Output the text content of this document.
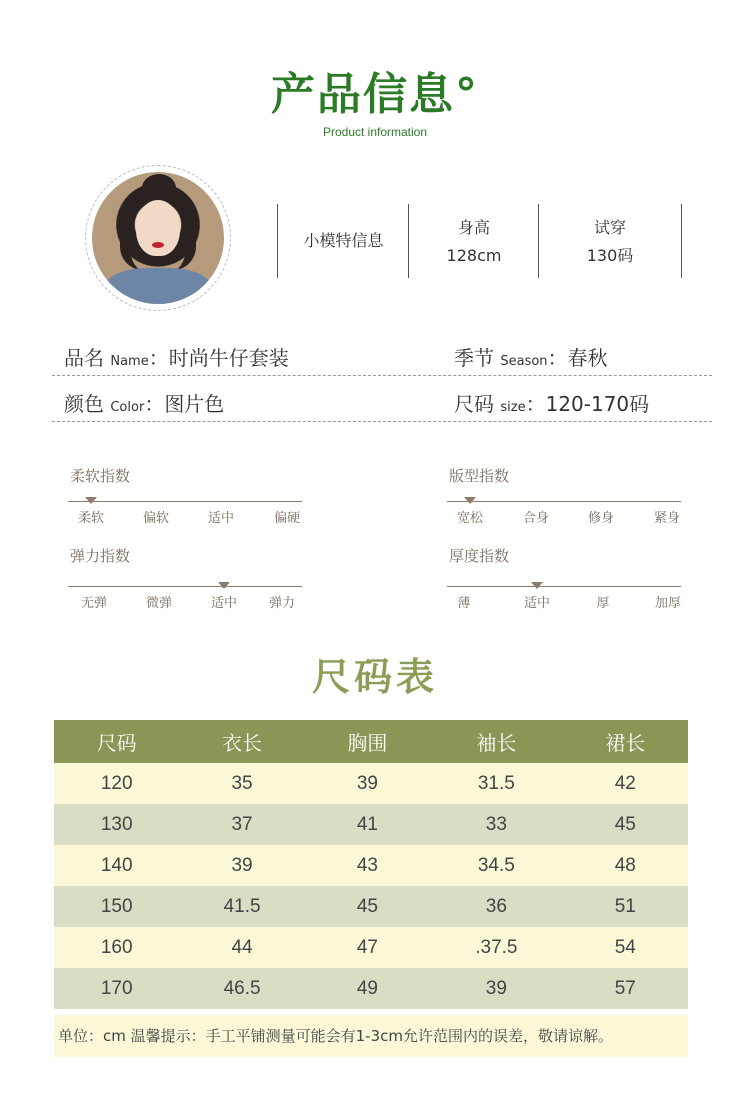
产品信息°
Product information
小模特信息
身高
128cm
试穿
130码
品名 Name：时尚牛仔套装	季节 Season：春秋
颜色 Color：图片色	尺码 size：120-170码
柔软指数
柔软	偏软	适中	偏硬
版型指数
宽松	合身	修身	紧身
弹力指数
无弹	微弹	适中	弹力
厚度指数
薄	适中	厚	加厚
尺码表
尺码	衣长	胸围	袖长	裙长
120	35	39	31.5	42
130	37	41	33	45
140	39	43	34.5	48
150	41.5	45	36	51
160	44	47	.37.5	54
170	46.5	49	39	57
单位：cm 温馨提示：手工平铺测量可能会有1-3cm允许范围内的误差，敬请谅解。
